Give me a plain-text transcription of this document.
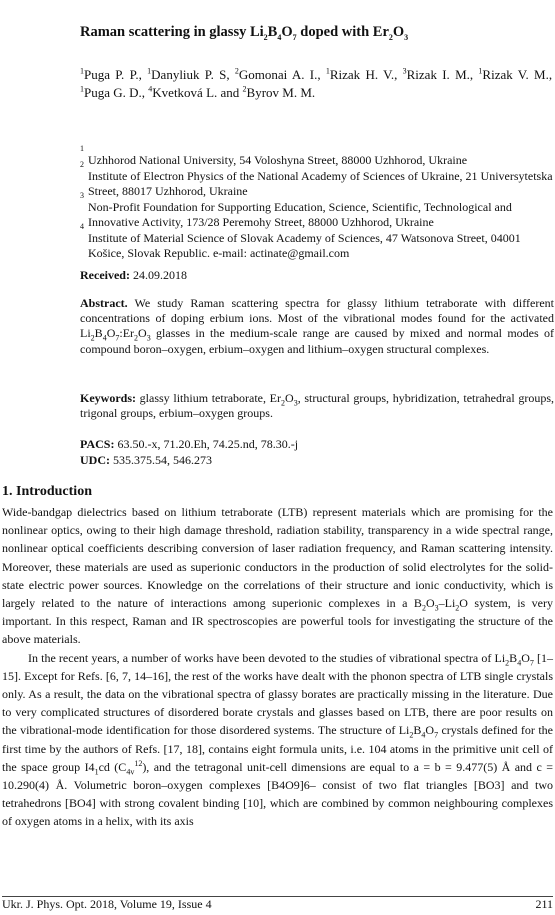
Raman scattering in glassy $Li_2B_4O_7$ doped with $Er_2O_3$
$^1$Puga P. P., $^1$Danyliuk P. S, $^2$Gomonai A. I., $^1$Rizak H. V., $^3$Rizak I. M., $^1$Rizak V. M., $^1$Puga G. D., $^4$Kvetková L. and $^2$Byrov M. M.
1
Uzhhorod National University, 54 Voloshyna Street, 88000 Uzhhorod, Ukraine
2
Institute of Electron Physics of the National Academy of Sciences of Ukraine, 21 Universytetska Street, 88017 Uzhhorod, Ukraine
3
Non-Profit Foundation for Supporting Education, Science, Scientific, Technological and Innovative Activity, 173/28 Peremohy Street, 88000 Uzhhorod, Ukraine
4
Institute of Material Science of Slovak Academy of Sciences, 47 Watsonova Street, 04001 Košice, Slovak Republic. e-mail: actinate@gmail.com
Received: 24.09.2018
Abstract. We study Raman scattering spectra for glassy lithium tetraborate with different concentrations of doping erbium ions. Most of the vibrational modes found for the activated $Li_2B_4O_7:Er_2O_3$ glasses in the medium-scale range are caused by mixed and normal modes of compound boron–oxygen, erbium–oxygen and lithium–oxygen structural complexes.
Keywords: glassy lithium tetraborate, $Er_2O_3$, structural groups, hybridization, tetrahedral groups, trigonal groups, erbium–oxygen groups.
PACS: 63.50.-x, 71.20.Eh, 74.25.nd, 78.30.-j
UDC: 535.375.54, 546.273
1. Introduction

Wide-bandgap dielectrics based on lithium tetraborate (LTB) represent materials which are promising for the nonlinear optics, owing to their high damage threshold, radiation stability, transparency in a wide spectral range, nonlinear optical coefficients describing conversion of laser radiation frequency, and Raman scattering intensity. Moreover, these materials are used as superionic conductors in the production of solid electrolytes for the solid-state electric power sources. Knowledge on the correlations of their structure and ionic conductivity, which is largely related to the nature of interactions among superionic complexes in a $B_2O_3-Li_2O$ system, is very important. In this respect, Raman and IR spectroscopies are powerful tools for investigating the structure of the above materials.

In the recent years, a number of works have been devoted to the studies of vibrational spectra of $Li_2B_4O_7$ [1–15]. Except for Refs. [6, 7, 14–16], the rest of the works have dealt with the phonon spectra of LTB single crystals only. As a result, the data on the vibrational spectra of glassy borates are practically missing in the literature. Due to very complicated structures of disordered borate crystals and glasses based on LTB, there are poor results on the vibrational-mode identification for those disordered systems. The structure of $Li_2B_4O_7$ crystals defined for the first time by the authors of Refs. [17, 18], contains eight formula units, i.e. 104 atoms in the primitive unit cell of the space group $I4_1cd$ $(C_{4v}^{12})$, and the tetragonal unit-cell dimensions are equal to a = b = 9.477(5) Å and c = 10.290(4) Å. Volumetric boron–oxygen complexes [B4O9]6– consist of two flat triangles [BO3] and two tetrahedrons [BO4] with strong covalent binding [10], which are combined by common neighbouring complexes of oxygen atoms in a helix, with its axis

Ukr. J. Phys. Opt. 2018, Volume 19, Issue 4	211
